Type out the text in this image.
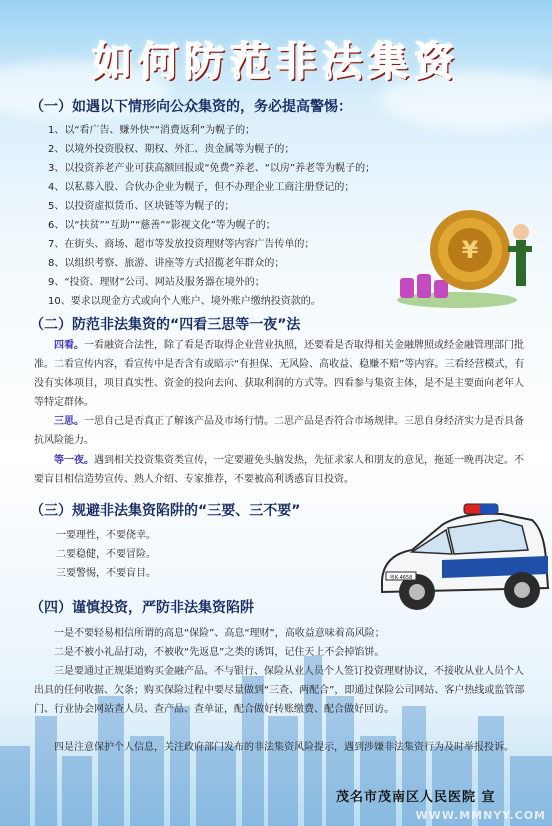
如何防范非法集资
（一）如遇以下情形向公众集资的，务必提高警惕：
1、以“看广告、赚外快”“消费返利”为幌子的；
2、以境外投资股权、期权、外汇、贵金属等为幌子的；
3、以投资养老产业可获高额回报或“免费”养老、“以房”养老等为幌子的；
4、以私募入股、合伙办企业为幌子，但不办理企业工商注册登记的；
5、以投资虚拟货币、区块链等为幌子的；
6、以“扶贫”“互助”“慈善”“影视文化”等为幌子的；
7、在街头、商场、超市等发放投资理财等内容广告传单的；
8、以组织考察、旅游、讲座等方式招揽老年群众的；
9、“投资、理财”公司、网站及服务器在境外的；
10、要求以现金方式或向个人账户、境外账户缴纳投资款的。
¥
（二）防范非法集资的“四看三思等一夜”法
四看。一看融资合法性，除了看是否取得企业营业执照，还要看是否取得相关金融牌照或经金融管理部门批准。二看宣传内容，看宣传中是否含有或暗示“有担保、无风险、高收益、稳赚不赔”等内容。三看经营模式，有没有实体项目，项目真实性、资金的投向去向、获取利润的方式等。四看参与集资主体，是不是主要面向老年人等特定群体。
三思。一思自己是否真正了解该产品及市场行情。二思产品是否符合市场规律。三思自身经济实力是否具备抗风险能力。
等一夜。遇到相关投资集资类宣传，一定要避免头脑发热，先征求家人和朋友的意见，拖延一晚再决定。不要盲目相信造势宣传、熟人介绍、专家推荐，不要被高利诱惑盲目投资。
（三）规避非法集资陷阱的“三要、三不要”
一要理性，不要侥幸。
二要稳健，不要冒险。
三要警惕，不要盲目。	粤K·4658
（四）谨慎投资，严防非法集资陷阱
一是不要轻易相信所谓的高息“保险”、高息“理财”，高收益意味着高风险；
二是不被小礼品打动，不被收“先返息”之类的诱饵，记住天上不会掉馅饼。
三是要通过正规渠道购买金融产品。不与银行、保险从业人员个人签订投资理财协议，不接收从业人员个人出具的任何收据、欠条；购买保险过程中要尽量做到“三查、两配合”，即通过保险公司网站、客户热线或监管部门、行业协会网站查人员、查产品、查单证，配合做好转账缴费、配合做好回访。
四是注意保护个人信息，关注政府部门发布的非法集资风险提示，遇到涉嫌非法集资行为及时举报投诉。
茂名市茂南区人民医院 宣
WWW.MMNYY.COM
